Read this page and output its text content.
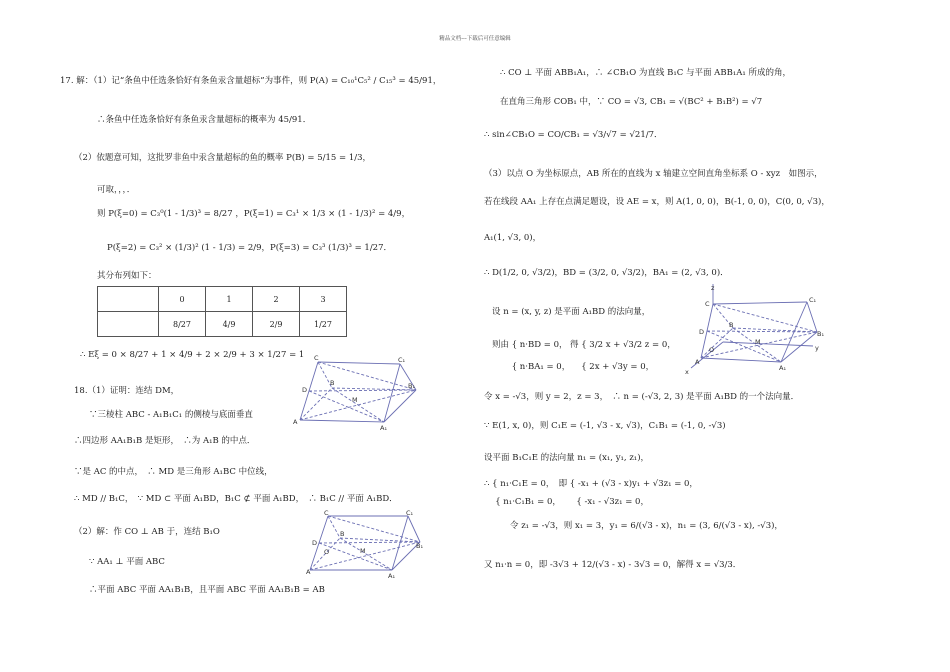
精品文档---下载后可任意编辑
17. 解：（1）记“条鱼中任选条恰好有条鱼汞含量超标”为事件，则 P(A) = C₁₀¹C₅² / C₁₅³ = 45/91，
∴条鱼中任选条恰好有条鱼汞含量超标的概率为 45/91．
（2）依题意可知，这批罗非鱼中汞含量超标的鱼的概率 P(B) = 5/15 = 1/3，
可取，，，．
则 P(ξ=0) = C₃⁰(1 - 1/3)³ = 8/27 ，P(ξ=1) = C₃¹ × 1/3 × (1 - 1/3)² = 4/9，
P(ξ=2) = C₃² × (1/3)² (1 - 1/3) = 2/9，P(ξ=3) = C₃³ (1/3)³ = 1/27．
其分布列如下：
	0	1	2	3
	8/27	4/9	2/9	1/27
∴ Eξ = 0 × 8/27 + 1 × 4/9 + 2 × 2/9 + 3 × 1/27 = 1
18.（1）证明：连结 DM，
∵三棱柱 ABC - A₁B₁C₁ 的侧棱与底面垂直
∴四边形 AA₁B₁B 是矩形，　∴为 A₁B 的中点．
∵是 AC 的中点，　∴ MD 是三角形 A₁BC 中位线，
∴ MD // B₁C，　∵ MD ⊂ 平面 A₁BD，B₁C ⊄ 平面 A₁BD，　∴ B₁C // 平面 A₁BD．
（2）解：作 CO ⊥ AB 于，连结 B₁O
∵ AA₁ ⊥ 平面 ABC
∴平面 ABC 平面 AA₁B₁B，且平面 ABC 平面 AA₁B₁B = AB
C	C₁
D
B
M
B₁
A
A₁
C	C₁
D
B
M
B₁
A	A₁
O
∴ CO ⊥ 平面 ABB₁A₁，∴ ∠CB₁O 为直线 B₁C 与平面 ABB₁A₁ 所成的角，
在直角三角形 COB₁ 中，∵ CO = √3, CB₁ = √(BC² + B₁B²) = √7
∴ sin∠CB₁O = CO/CB₁ = √3/√7 = √21/7．
（3）以点 O 为坐标原点，AB 所在的直线为 x 轴建立空间直角坐标系 O - xyz　如图示，
若在线段 AA₁ 上存在点满足题设，设 AE = x，则 A(1, 0, 0)，B(-1, 0, 0)，C(0, 0, √3)，
A₁(1, √3, 0)，
∴ D(1/2, 0, √3/2)，BD = (3/2, 0, √3/2)，BA₁ = (2, √3, 0)．
设 n = (x, y, z) 是平面 A₁BD 的法向量，
则由 { n·BD = 0，
　　 { n·BA₁ = 0，
得 { 3/2 x + √3/2 z = 0，
　 { 2x + √3y = 0，
令 x = -√3，则 y = 2，z = 3，　∴ n = (-√3, 2, 3) 是平面 A₁BD 的一个法向量．
∵ E(1, x, 0)，则 C₁E = (-1, √3 - x, √3)，C₁B₁ = (-1, 0, -√3)
设平面 B₁C₁E 的法向量 n₁ = (x₁, y₁, z₁)，
∴ { n₁·C₁E = 0，　即 { -x₁ + (√3 - x)y₁ + √3z₁ = 0，
　 { n₁·C₁B₁ = 0，　　 { -x₁ - √3z₁ = 0，
令 z₁ = -√3，则 x₁ = 3，y₁ = 6/(√3 - x)，n₁ = (3, 6/(√3 - x), -√3)，
又 n₁·n = 0，即 -3√3 + 12/(√3 - x) - 3√3 = 0，解得 x = √3/3．
C	C₁
D
B
M
B₁
A
A₁
O
z
x
y
